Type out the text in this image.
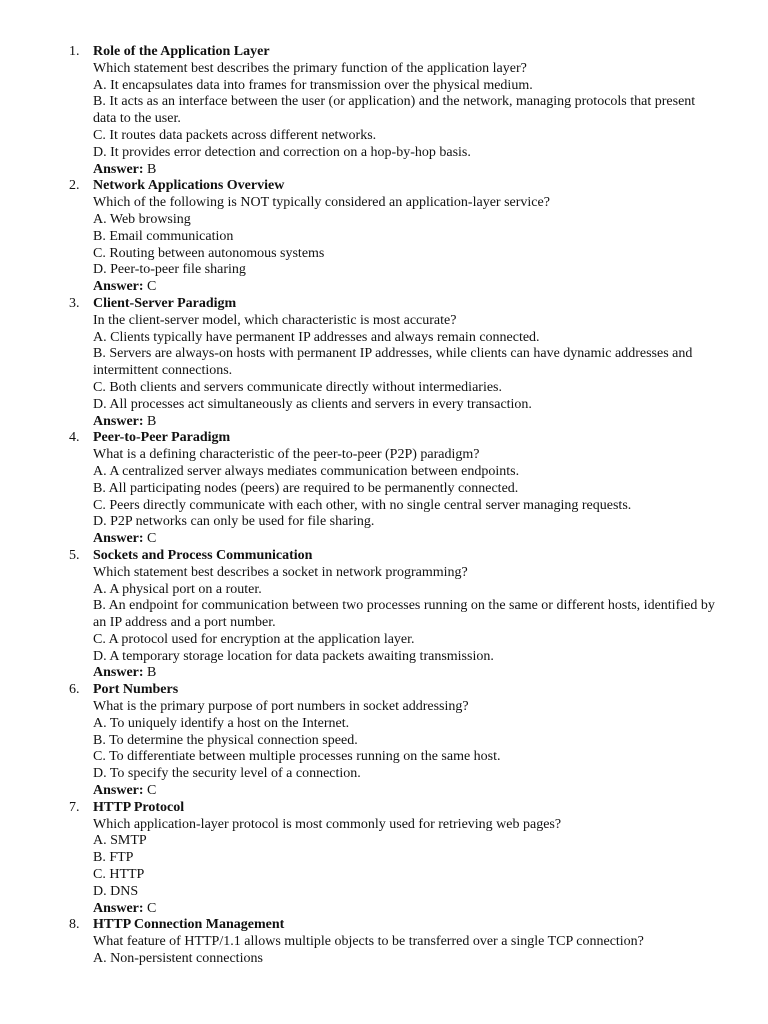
1. Role of the Application Layer
Which statement best describes the primary function of the application layer?
A. It encapsulates data into frames for transmission over the physical medium.
B. It acts as an interface between the user (or application) and the network, managing protocols that present data to the user.
C. It routes data packets across different networks.
D. It provides error detection and correction on a hop-by-hop basis.
Answer: B
2. Network Applications Overview
Which of the following is NOT typically considered an application-layer service?
A. Web browsing
B. Email communication
C. Routing between autonomous systems
D. Peer-to-peer file sharing
Answer: C
3. Client-Server Paradigm
In the client-server model, which characteristic is most accurate?
A. Clients typically have permanent IP addresses and always remain connected.
B. Servers are always-on hosts with permanent IP addresses, while clients can have dynamic addresses and intermittent connections.
C. Both clients and servers communicate directly without intermediaries.
D. All processes act simultaneously as clients and servers in every transaction.
Answer: B
4. Peer-to-Peer Paradigm
What is a defining characteristic of the peer-to-peer (P2P) paradigm?
A. A centralized server always mediates communication between endpoints.
B. All participating nodes (peers) are required to be permanently connected.
C. Peers directly communicate with each other, with no single central server managing requests.
D. P2P networks can only be used for file sharing.
Answer: C
5. Sockets and Process Communication
Which statement best describes a socket in network programming?
A. A physical port on a router.
B. An endpoint for communication between two processes running on the same or different hosts, identified by an IP address and a port number.
C. A protocol used for encryption at the application layer.
D. A temporary storage location for data packets awaiting transmission.
Answer: B
6. Port Numbers
What is the primary purpose of port numbers in socket addressing?
A. To uniquely identify a host on the Internet.
B. To determine the physical connection speed.
C. To differentiate between multiple processes running on the same host.
D. To specify the security level of a connection.
Answer: C
7. HTTP Protocol
Which application-layer protocol is most commonly used for retrieving web pages?
A. SMTP
B. FTP
C. HTTP
D. DNS
Answer: C
8. HTTP Connection Management
What feature of HTTP/1.1 allows multiple objects to be transferred over a single TCP connection?
A. Non-persistent connections
